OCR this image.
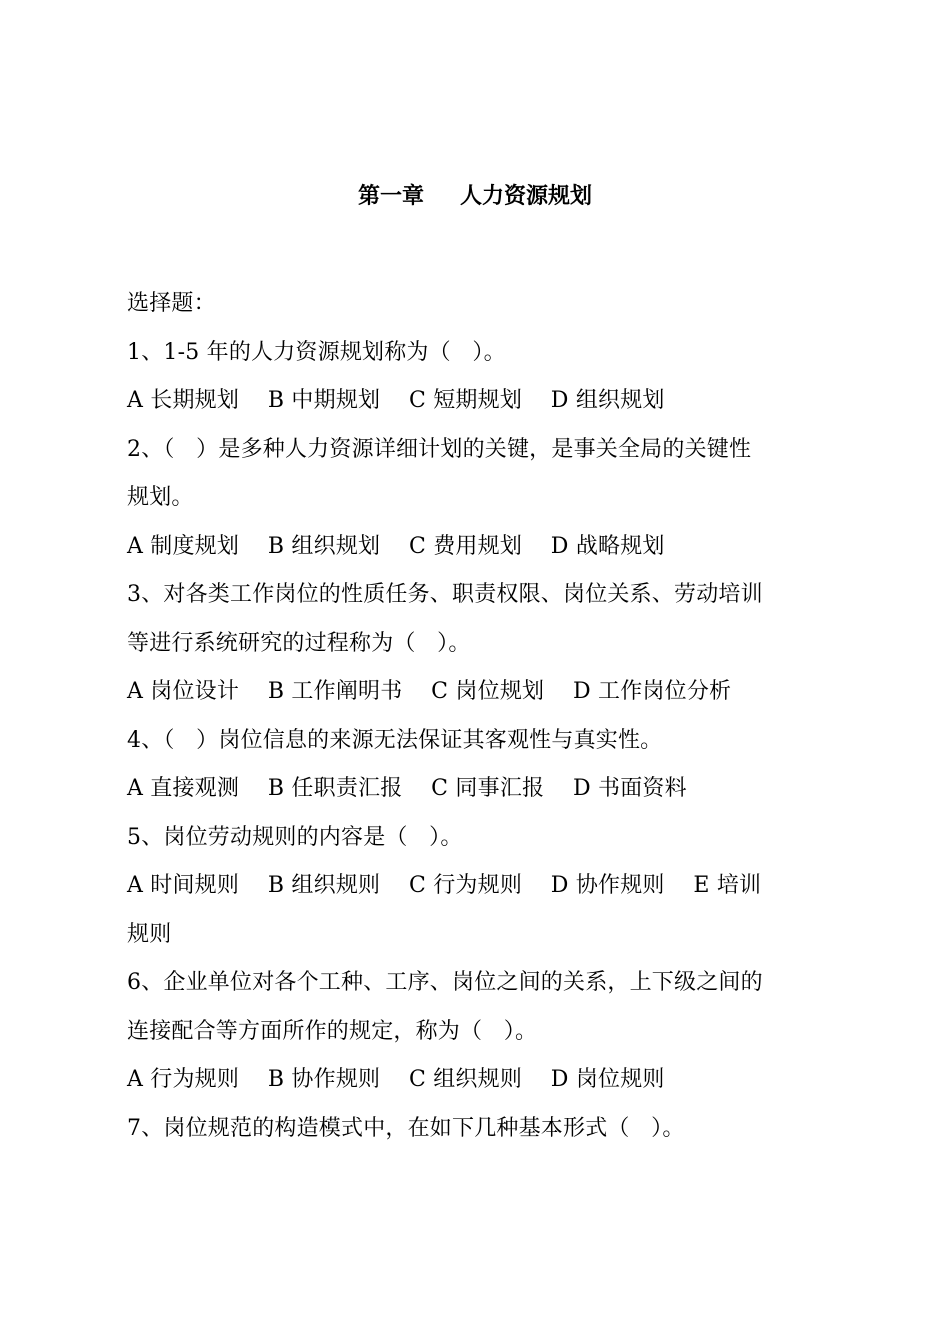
第一章 人力资源规划
选择题：
1、1-5 年的人力资源规划称为（   ）。
A 长期规划    B 中期规划    C 短期规划    D 组织规划
2、（   ）是多种人力资源详细计划的关键，是事关全局的关键性
规划。
A 制度规划    B 组织规划    C 费用规划    D 战略规划
3、对各类工作岗位的性质任务、职责权限、岗位关系、劳动培训
等进行系统研究的过程称为（   ）。
A 岗位设计    B 工作阐明书    C 岗位规划    D 工作岗位分析
4、（   ）岗位信息的来源无法保证其客观性与真实性。
A 直接观测    B 任职责汇报    C 同事汇报    D 书面资料
5、岗位劳动规则的内容是（   ）。
A 时间规则    B 组织规则    C 行为规则    D 协作规则    E 培训
规则
6、企业单位对各个工种、工序、岗位之间的关系，上下级之间的
连接配合等方面所作的规定，称为（   ）。
A 行为规则    B 协作规则    C 组织规则    D 岗位规则
7、岗位规范的构造模式中，在如下几种基本形式（   ）。
